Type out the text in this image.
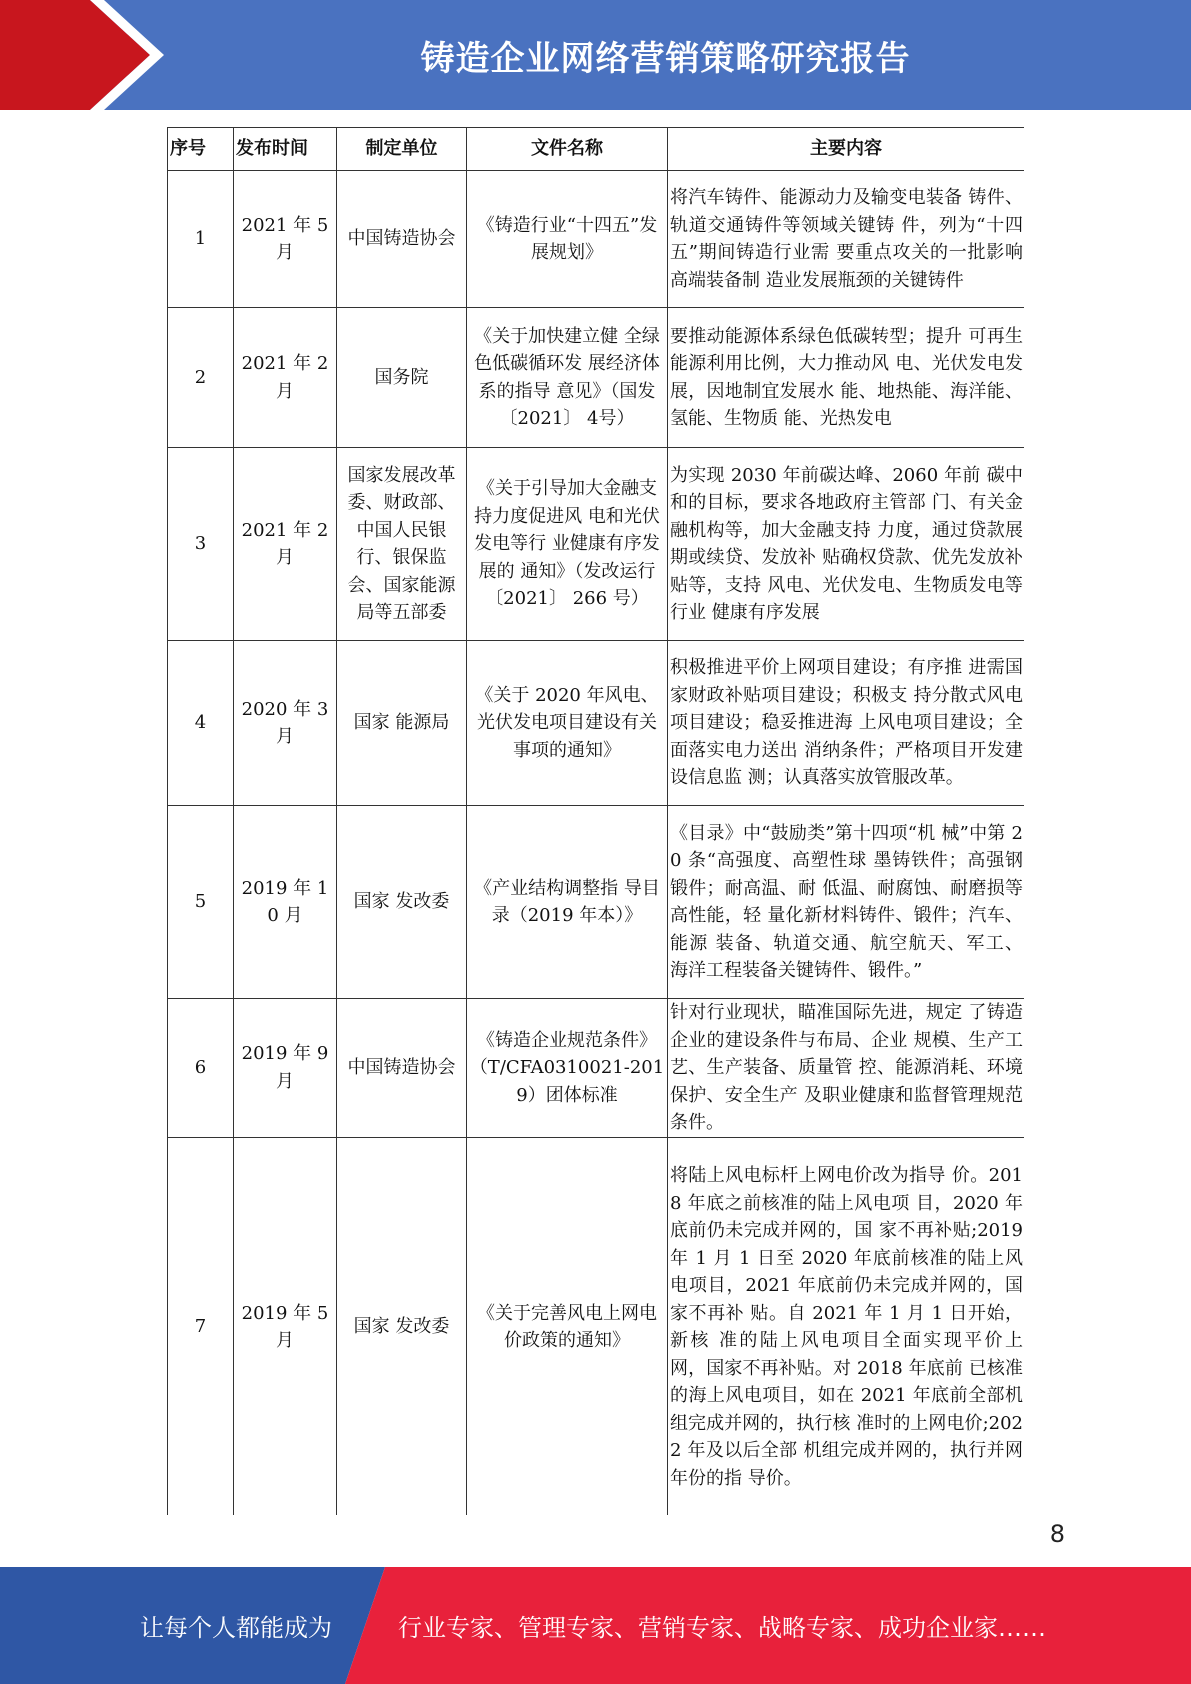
铸造企业网络营销策略研究报告
序号	发布时间	制定单位	文件名称	主要内容
1	2021 年 5 月	中国铸造协会	《铸造行业“十四五”发展规划》	将汽车铸件、能源动力及输变电装备 铸件、轨道交通铸件等领域关键铸 件，列为“十四五”期间铸造行业需 要重点攻关的一批影响高端装备制 造业发展瓶颈的关键铸件
2	2021 年 2 月	国务院	《关于加快建立健 全绿色低碳循环发 展经济体系的指导 意见》（国发〔2021〕 4号）	要推动能源体系绿色低碳转型；提升 可再生能源利用比例，大力推动风 电、光伏发电发展，因地制宜发展水 能、地热能、海洋能、氢能、生物质 能、光热发电
3	2021 年 2 月	国家发展改革委、财政部、中国人民银行、银保监会、国家能源局等五部委	《关于引导加大金融支持力度促进风 电和光伏发电等行 业健康有序发展的 通知》（发改运行〔2021〕 266 号）	为实现 2030 年前碳达峰、2060 年前 碳中和的目标，要求各地政府主管部 门、有关金融机构等，加大金融支持 力度，通过贷款展期或续贷、发放补 贴确权贷款、优先发放补贴等，支持 风电、光伏发电、生物质发电等行业 健康有序发展
4	2020 年 3 月	国家 能源局	《关于 2020 年风电、光伏发电项目建设有关事项的通知》	积极推进平价上网项目建设；有序推 进需国家财政补贴项目建设；积极支 持分散式风电项目建设；稳妥推进海 上风电项目建设；全面落实电力送出 消纳条件；严格项目开发建设信息监 测；认真落实放管服改革。
5	2019 年 10 月	国家 发改委	《产业结构调整指 导目录（2019 年本）》	《目录》中“鼓励类”第十四项“机 械”中第 20 条“高强度、高塑性球 墨铸铁件；高强钢锻件；耐高温、耐 低温、耐腐蚀、耐磨损等高性能，轻 量化新材料铸件、锻件；汽车、能源 装备、轨道交通、航空航天、军工、 海洋工程装备关键铸件、锻件。”
6	2019 年 9 月	中国铸造协会	《铸造企业规范条件》（T/CFA0310021-2019）团体标准	针对行业现状，瞄准国际先进，规定 了铸造企业的建设条件与布局、企业 规模、生产工艺、生产装备、质量管 控、能源消耗、环境保护、安全生产 及职业健康和监督管理规范条件。
7	2019 年 5 月	国家 发改委	《关于完善风电上网电价政策的通知》	将陆上风电标杆上网电价改为指导 价。2018 年底之前核准的陆上风电项 目，2020 年底前仍未完成并网的，国 家不再补贴;2019 年 1 月 1 日至 2020 年底前核准的陆上风电项目，2021 年底前仍未完成并网的，国家不再补 贴。自 2021 年 1 月 1 日开始，新核 准的陆上风电项目全面实现平价上 网，国家不再补贴。对 2018 年底前 已核准的海上风电项目，如在 2021 年底前全部机组完成并网的，执行核 准时的上网电价;2022 年及以后全部 机组完成并网的，执行并网年份的指 导价。
8
让每个人都能成为	行业专家、管理专家、营销专家、战略专家、成功企业家……
